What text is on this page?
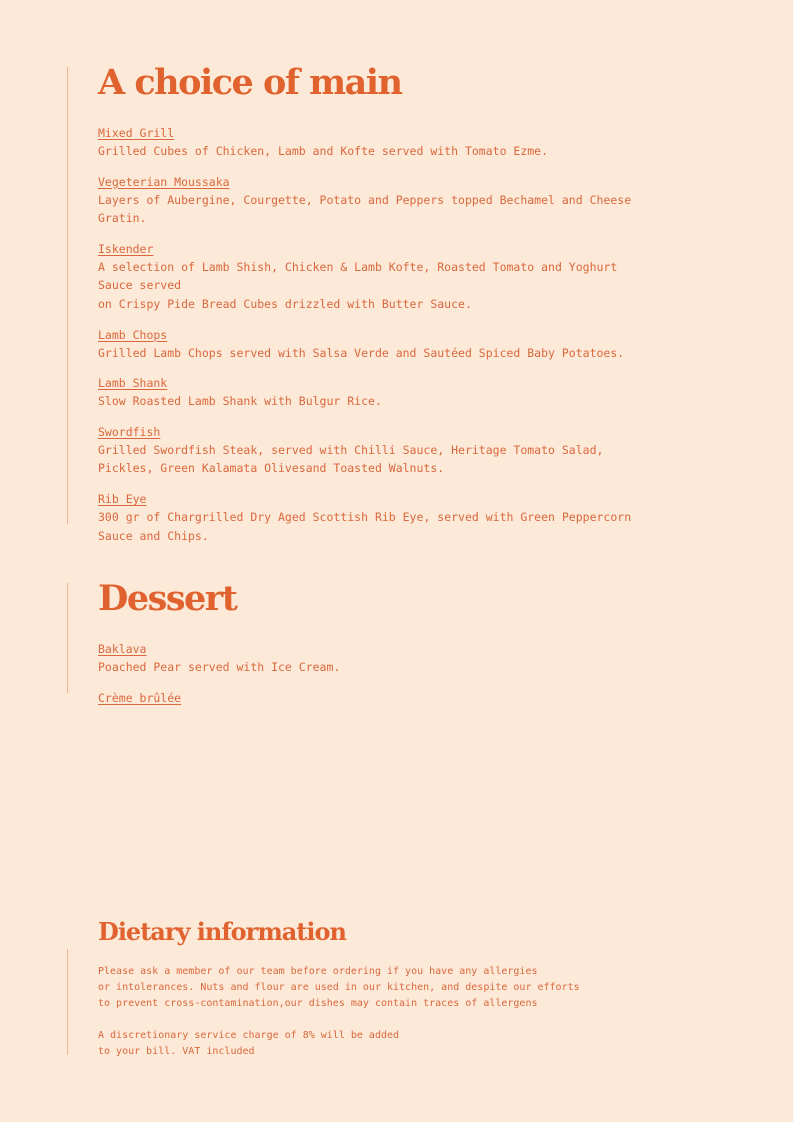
A choice of main
Mixed Grill

Grilled Cubes of Chicken, Lamb and Kofte served with Tomato Ezme.

Vegeterian Moussaka

Layers of Aubergine, Courgette, Potato and Peppers topped Bechamel and Cheese
Gratin.

Iskender

A selection of Lamb Shish, Chicken & Lamb Kofte, Roasted Tomato and Yoghurt
Sauce served
on Crispy Pide Bread Cubes drizzled with Butter Sauce.

Lamb Chops

Grilled Lamb Chops served with Salsa Verde and Sautéed Spiced Baby Potatoes.

Lamb Shank

Slow Roasted Lamb Shank with Bulgur Rice.

Swordfish

Grilled Swordfish Steak, served with Chilli Sauce, Heritage Tomato Salad,
Pickles, Green Kalamata Olivesand Toasted Walnuts.

Rib Eye

300 gr of Chargrilled Dry Aged Scottish Rib Eye, served with Green Peppercorn
Sauce and Chips.

Dessert
Baklava

Poached Pear served with Ice Cream.

Crème brûlée
Dietary information

Please ask a member of our team before ordering if you have any allergies
or intolerances. Nuts and flour are used in our kitchen, and despite our efforts
to prevent cross-contamination,our dishes may contain traces of allergens

A discretionary service charge of 8% will be added
to your bill. VAT included
